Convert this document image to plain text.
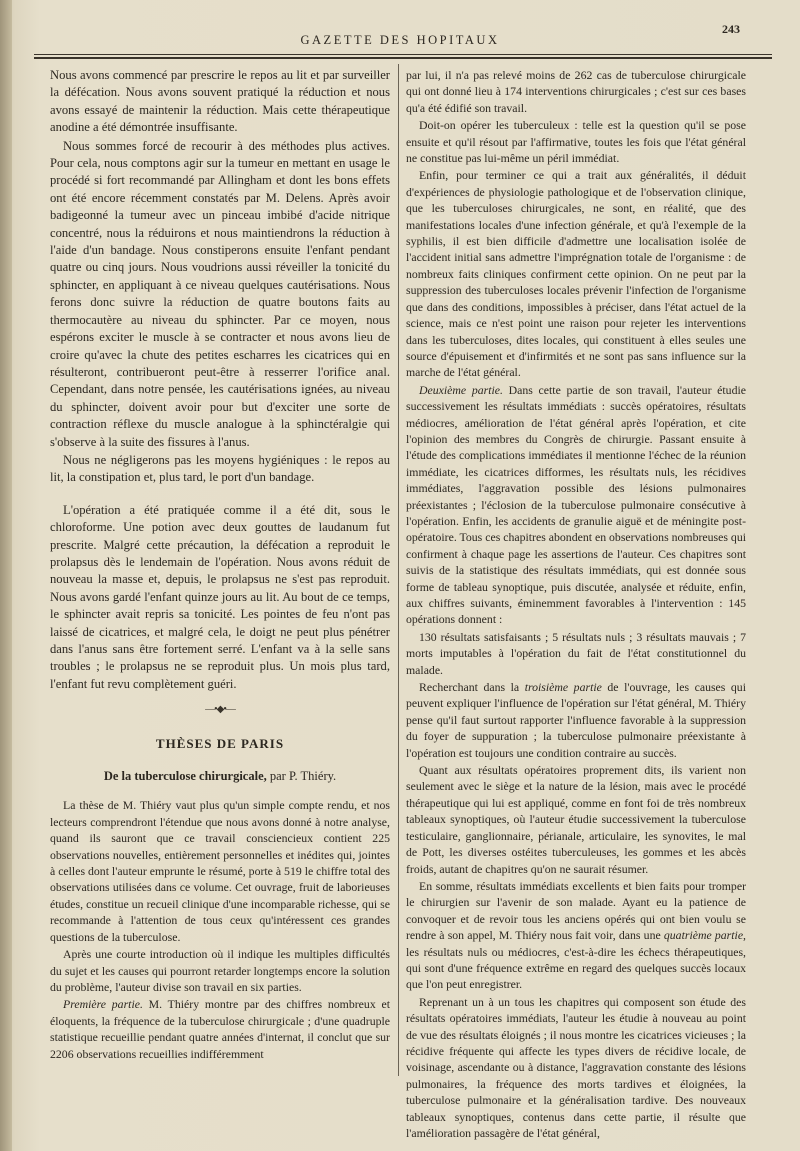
GAZETTE DES HOPITAUX
243

Nous avons commencé par prescrire le repos au lit et par surveiller la défécation. Nous avons souvent pratiqué la réduction et nous avons essayé de maintenir la réduction. Mais cette thérapeutique anodine a été démontrée insuffisante.

Nous sommes forcé de recourir à des méthodes plus actives. Pour cela, nous comptons agir sur la tumeur en mettant en usage le procédé si fort recommandé par Allingham et dont les bons effets ont été encore récemment constatés par M. Delens. Après avoir badigeonné la tumeur avec un pinceau imbibé d'acide nitrique concentré, nous la réduirons et nous maintiendrons la réduction à l'aide d'un bandage. Nous constiperons ensuite l'enfant pendant quatre ou cinq jours. Nous voudrions aussi réveiller la tonicité du sphincter, en appliquant à ce niveau quelques cautérisations. Nous ferons donc suivre la réduction de quatre boutons faits au thermocautère au niveau du sphincter. Par ce moyen, nous espérons exciter le muscle à se contracter et nous avons lieu de croire qu'avec la chute des petites escharres les cicatrices qui en résulteront, contribueront peut-être à resserrer l'orifice anal. Cependant, dans notre pensée, les cautérisations ignées, au niveau du sphincter, doivent avoir pour but d'exciter une sorte de contraction réflexe du muscle analogue à la sphinctéralgie qui s'observe à la suite des fissures à l'anus.

Nous ne négligerons pas les moyens hygiéniques : le repos au lit, la constipation et, plus tard, le port d'un bandage.

L'opération a été pratiquée comme il a été dit, sous le chloroforme. Une potion avec deux gouttes de laudanum fut prescrite. Malgré cette précaution, la défécation a reproduit le prolapsus dès le lendemain de l'opération. Nous avons réduit de nouveau la masse et, depuis, le prolapsus ne s'est pas reproduit. Nous avons gardé l'enfant quinze jours au lit. Au bout de ce temps, le sphincter avait repris sa tonicité. Les pointes de feu n'ont pas laissé de cicatrices, et malgré cela, le doigt ne peut plus pénétrer dans l'anus sans être fortement serré. L'enfant va à la selle sans troubles ; le prolapsus ne se reproduit plus. Un mois plus tard, l'enfant fut revu complètement guéri.

—•◆•—
THÈSES DE PARIS
De la tuberculose chirurgicale, par P. Thiéry.

La thèse de M. Thiéry vaut plus qu'un simple compte rendu, et nos lecteurs comprendront l'étendue que nous avons donné à notre analyse, quand ils sauront que ce travail consciencieux contient 225 observations nouvelles, entièrement personnelles et inédites qui, jointes à celles dont l'auteur emprunte le résumé, porte à 519 le chiffre total des observations utilisées dans ce volume. Cet ouvrage, fruit de laborieuses études, constitue un recueil clinique d'une incomparable richesse, qui se recommande à l'attention de tous ceux qu'intéressent ces grandes questions de la tuberculose.

Après une courte introduction où il indique les multiples difficultés du sujet et les causes qui pourront retarder longtemps encore la solution du problème, l'auteur divise son travail en six parties.

Première partie. M. Thiéry montre par des chiffres nombreux et éloquents, la fréquence de la tuberculose chirurgicale ; d'une quadruple statistique recueillie pendant quatre années d'internat, il conclut que sur 2206 observations recueillies indifféremment

par lui, il n'a pas relevé moins de 262 cas de tuberculose chirurgicale qui ont donné lieu à 174 interventions chirurgicales ; c'est sur ces bases qu'a été édifié son travail.

Doit-on opérer les tuberculeux : telle est la question qu'il se pose ensuite et qu'il résout par l'affirmative, toutes les fois que l'état général ne constitue pas lui-même un péril immédiat.

Enfin, pour terminer ce qui a trait aux généralités, il déduit d'expériences de physiologie pathologique et de l'observation clinique, que les tuberculoses chirurgicales, ne sont, en réalité, que des manifestations locales d'une infection générale, et qu'à l'exemple de la syphilis, il est bien difficile d'admettre une localisation isolée de l'accident initial sans admettre l'imprégnation totale de l'organisme : de nombreux faits cliniques confirment cette opinion. On ne peut par la suppression des tuberculoses locales prévenir l'infection de l'organisme que dans des conditions, impossibles à préciser, dans l'état actuel de la science, mais ce n'est point une raison pour rejeter les interventions dans les tuberculoses, dites locales, qui constituent à elles seules une source d'épuisement et d'infirmités et ne sont pas sans influence sur la marche de l'état général.

Deuxième partie. Dans cette partie de son travail, l'auteur étudie successivement les résultats immédiats : succès opératoires, résultats médiocres, amélioration de l'état général après l'opération, et cite l'opinion des membres du Congrès de chirurgie. Passant ensuite à l'étude des complications immédiates il mentionne l'échec de la réunion immédiate, les cicatrices difformes, les résultats nuls, les récidives immédiates, l'aggravation possible des lésions pulmonaires préexistantes ; l'éclosion de la tuberculose pulmonaire consécutive à l'opération. Enfin, les accidents de granulie aiguë et de méningite post-opératoire. Tous ces chapitres abondent en observations nombreuses qui confirment à chaque page les assertions de l'auteur. Ces chapitres sont suivis de la statistique des résultats immédiats, qui est donnée sous forme de tableau synoptique, puis discutée, analysée et réduite, enfin, aux chiffres suivants, éminemment favorables à l'intervention : 145 opérations donnent :

130 résultats satisfaisants ; 5 résultats nuls ; 3 résultats mauvais ; 7 morts imputables à l'opération du fait de l'état constitutionnel du malade.

Recherchant dans la troisième partie de l'ouvrage, les causes qui peuvent expliquer l'influence de l'opération sur l'état général, M. Thiéry pense qu'il faut surtout rapporter l'influence favorable à la suppression du foyer de suppuration ; la tuberculose pulmonaire préexistante à l'opération est toujours une condition contraire au succès.

Quant aux résultats opératoires proprement dits, ils varient non seulement avec le siège et la nature de la lésion, mais avec le procédé thérapeutique qui lui est appliqué, comme en font foi de très nombreux tableaux synoptiques, où l'auteur étudie successivement la tuberculose testiculaire, ganglionnaire, périanale, articulaire, les synovites, le mal de Pott, les diverses ostéites tuberculeuses, les gommes et les abcès froids, autant de chapitres qu'on ne saurait résumer.

En somme, résultats immédiats excellents et bien faits pour tromper le chirurgien sur l'avenir de son malade. Ayant eu la patience de convoquer et de revoir tous les anciens opérés qui ont bien voulu se rendre à son appel, M. Thiéry nous fait voir, dans une quatrième partie, les résultats nuls ou médiocres, c'est-à-dire les échecs thérapeutiques, qui sont d'une fréquence extrême en regard des quelques succès locaux que l'on peut enregistrer.

Reprenant un à un tous les chapitres qui composent son étude des résultats opératoires immédiats, l'auteur les étudie à nouveau au point de vue des résultats éloignés ; il nous montre les cicatrices vicieuses ; la récidive fréquente qui affecte les types divers de récidive locale, de voisinage, ascendante ou à distance, l'aggravation constante des lésions pulmonaires, la fréquence des morts tardives et éloignées, la tuberculose pulmonaire et la généralisation tardive. Des nouveaux tableaux synoptiques, contenus dans cette partie, il résulte que l'amélioration passagère de l'état général,
